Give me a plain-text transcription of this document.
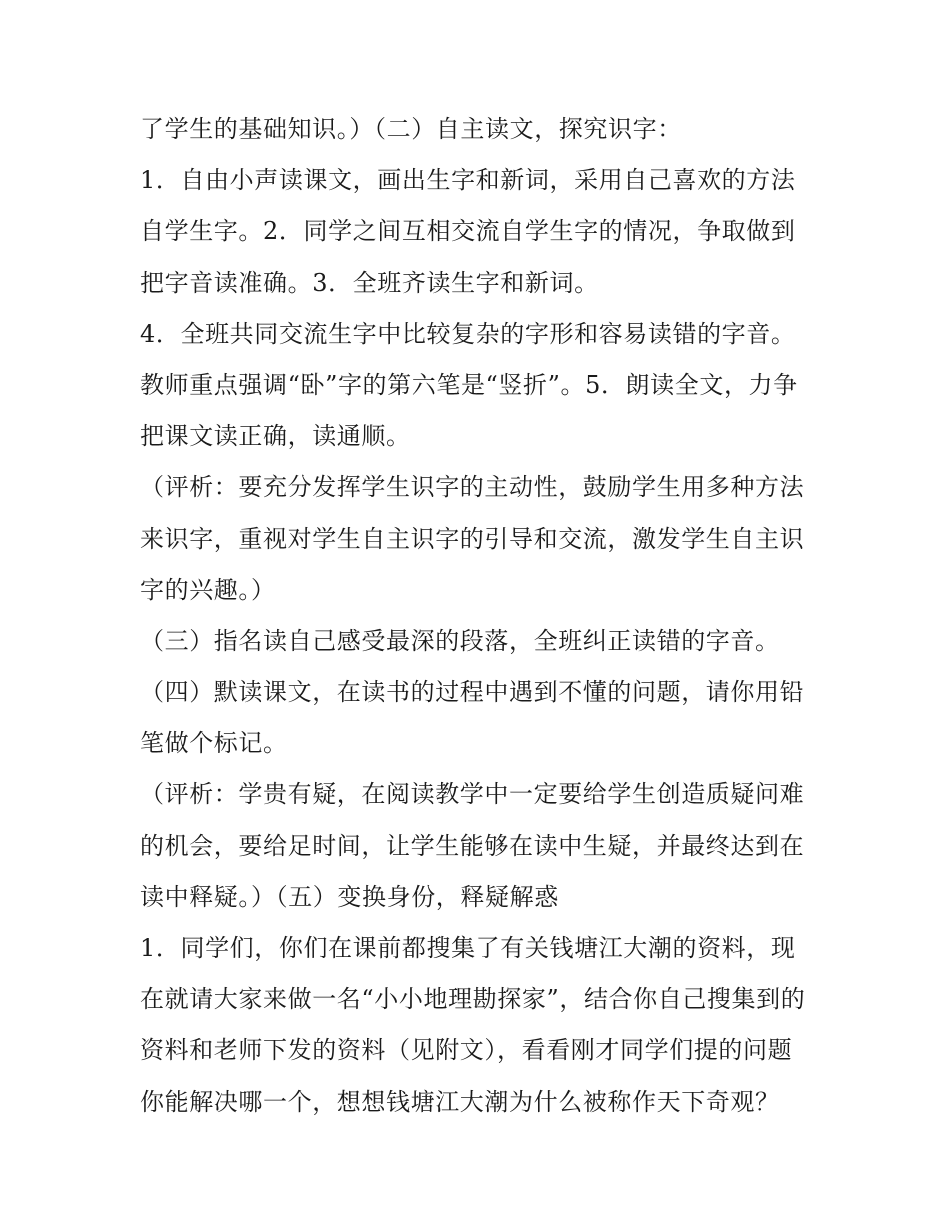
了学生的基础知识。）（二）自主读文，探究识字：
1．自由小声读课文，画出生字和新词，采用自己喜欢的方法
自学生字。2．同学之间互相交流自学生字的情况，争取做到
把字音读准确。3．全班齐读生字和新词。
4．全班共同交流生字中比较复杂的字形和容易读错的字音。
教师重点强调“卧”字的第六笔是“竖折”。5．朗读全文，力争
把课文读正确，读通顺。
（评析：要充分发挥学生识字的主动性，鼓励学生用多种方法
来识字，重视对学生自主识字的引导和交流，激发学生自主识
字的兴趣。）
（三）指名读自己感受最深的段落，全班纠正读错的字音。
（四）默读课文，在读书的过程中遇到不懂的问题，请你用铅
笔做个标记。
（评析：学贵有疑，在阅读教学中一定要给学生创造质疑问难
的机会，要给足时间，让学生能够在读中生疑，并最终达到在
读中释疑。）（五）变换身份，释疑解惑
1．同学们，你们在课前都搜集了有关钱塘江大潮的资料，现
在就请大家来做一名“小小地理勘探家”，结合你自己搜集到的
资料和老师下发的资料（见附文），看看刚才同学们提的问题
你能解决哪一个，想想钱塘江大潮为什么被称作天下奇观？
